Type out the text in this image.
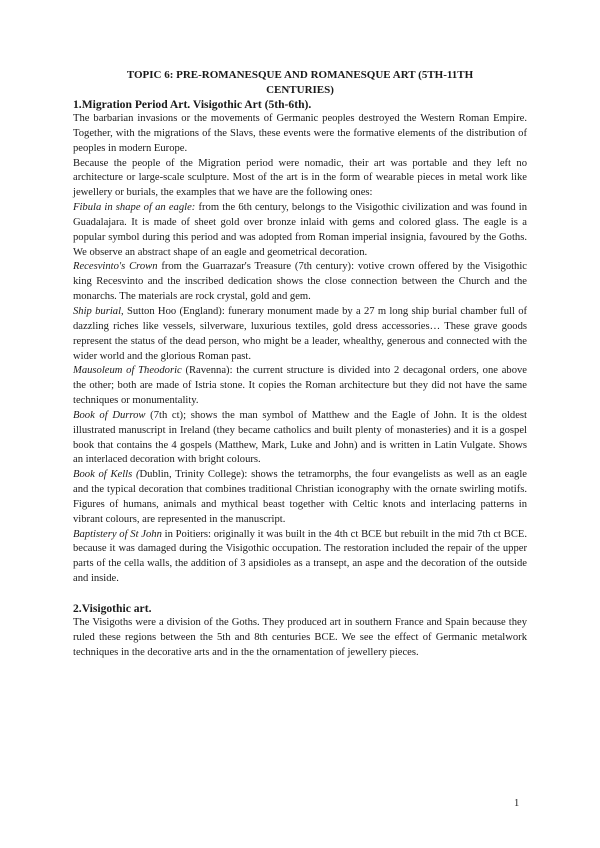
TOPIC 6: PRE-ROMANESQUE AND ROMANESQUE ART (5TH-11TH CENTURIES)
1.Migration Period Art. Visigothic Art (5th-6th).

The barbarian invasions or the movements of Germanic peoples destroyed the Western Roman Empire. Together, with the migrations of the Slavs, these events were the formative elements of the distribution of peoples in modern Europe.

Because the people of the Migration period were nomadic, their art was portable and they left no architecture or large-scale sculpture. Most of the art is in the form of wearable pieces in metal work like jewellery or burials, the examples that we have are the following ones:

Fibula in shape of an eagle: from the 6th century, belongs to the Visigothic civilization and was found in Guadalajara. It is made of sheet gold over bronze inlaid with gems and colored glass. The eagle is a popular symbol during this period and was adopted from Roman imperial insignia, favoured by the Goths. We observe an abstract shape of an eagle and geometrical decoration.

Recesvinto's Crown from the Guarrazar's Treasure (7th century): votive crown offered by the Visigothic king Recesvinto and the inscribed dedication shows the close connection between the Church and the monarchs. The materials are rock crystal, gold and gem.

Ship burial, Sutton Hoo (England): funerary monument made by a 27 m long ship burial chamber full of dazzling riches like vessels, silverware, luxurious textiles, gold dress accessories… These grave goods represent the status of the dead person, who might be a leader, whealthy, generous and connected with the wider world and the glorious Roman past.

Mausoleum of Theodoric (Ravenna): the current structure is divided into 2 decagonal orders, one above the other; both are made of Istria stone. It copies the Roman architecture but they did not have the same techniques or monumentality.

Book of Durrow (7th ct); shows the man symbol of Matthew and the Eagle of John. It is the oldest illustrated manuscript in Ireland (they became catholics and built plenty of monasteries) and it is a gospel book that contains the 4 gospels (Matthew, Mark, Luke and John) and is written in Latin Vulgate. Shows an interlaced decoration with bright colours.

Book of Kells (Dublin, Trinity College): shows the tetramorphs, the four evangelists as well as an eagle and the typical decoration that combines traditional Christian iconography with the ornate swirling motifs. Figures of humans, animals and mythical beast together with Celtic knots and interlacing patterns in vibrant colours, are represented in the manuscript.

Baptistery of St John in Poitiers: originally it was built in the 4th ct BCE but rebuilt in the mid 7th ct BCE. because it was damaged during the Visigothic occupation. The restoration included the repair of the upper parts of the cella walls, the addition of 3 apsidioles as a transept, an aspe and the decoration of the outside and inside.

2.Visigothic art.

The Visigoths were a division of the Goths. They produced art in southern France and Spain because they ruled these regions between the 5th and 8th centuries BCE. We see the effect of Germanic metalwork techniques in the decorative arts and in the the ornamentation of jewellery pieces.

1
